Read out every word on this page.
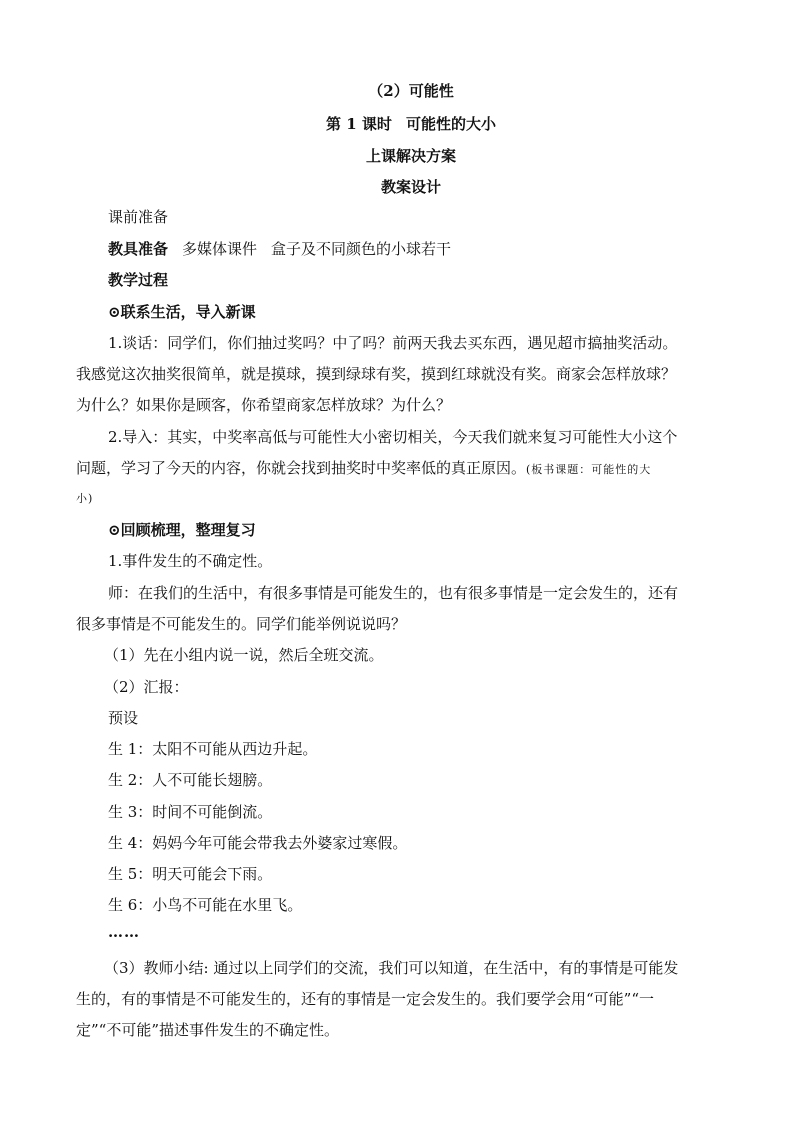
（2）可能性
第 1 课时 可能性的大小
上课解决方案
教案设计
课前准备
教具准备 多媒体课件 盒子及不同颜色的小球若干
教学过程
⊙联系生活，导入新课
1.谈话：同学们，你们抽过奖吗？中了吗？前两天我去买东西，遇见超市搞抽奖活动。
我感觉这次抽奖很简单，就是摸球，摸到绿球有奖，摸到红球就没有奖。商家会怎样放球？
为什么？如果你是顾客，你希望商家怎样放球？为什么？
2.导入：其实，中奖率高低与可能性大小密切相关，今天我们就来复习可能性大小这个
问题，学习了今天的内容，你就会找到抽奖时中奖率低的真正原因。(板书课题：可能性的大
小)
⊙回顾梳理，整理复习
1.事件发生的不确定性。
师：在我们的生活中，有很多事情是可能发生的，也有很多事情是一定会发生的，还有
很多事情是不可能发生的。同学们能举例说说吗？
（1）先在小组内说一说，然后全班交流。
（2）汇报：
预设
生 1：太阳不可能从西边升起。
生 2：人不可能长翅膀。
生 3：时间不可能倒流。
生 4：妈妈今年可能会带我去外婆家过寒假。
生 5：明天可能会下雨。
生 6：小鸟不可能在水里飞。
……
（3）教师小结: 通过以上同学们的交流，我们可以知道，在生活中，有的事情是可能发
生的，有的事情是不可能发生的，还有的事情是一定会发生的。我们要学会用“可能”“一
定”“不可能”描述事件发生的不确定性。
